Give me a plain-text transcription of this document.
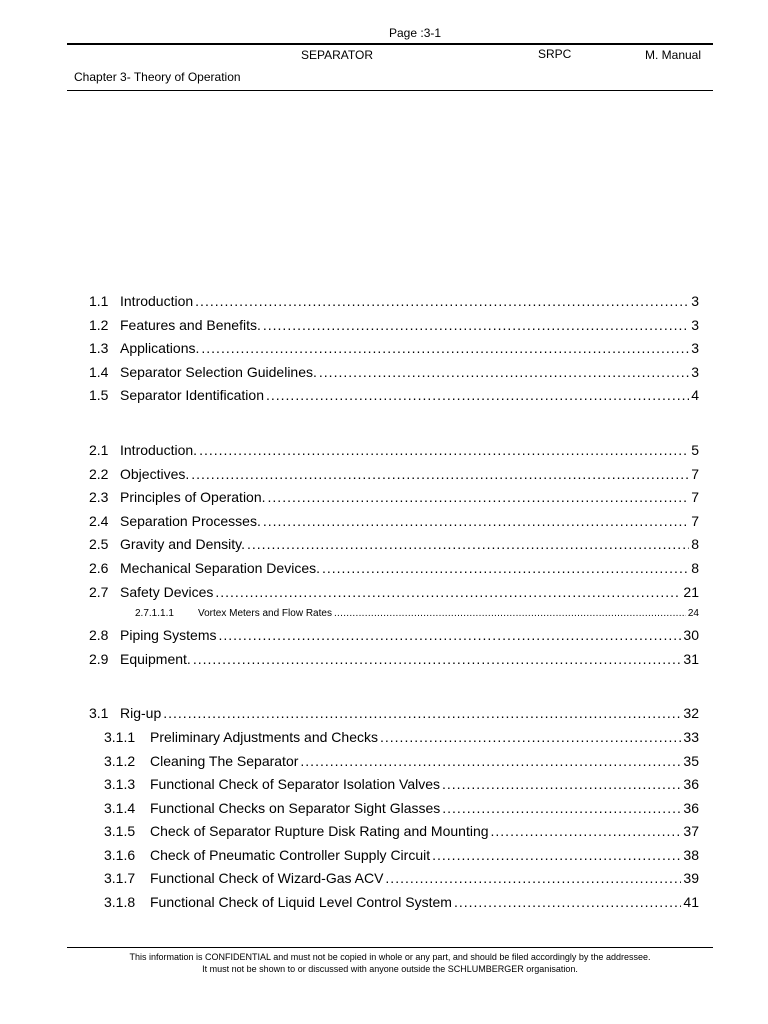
Page :3-1
SEPARATOR	SRPC	M. Manual
Chapter 3- Theory of Operation
1.1 Introduction .....	3
1.2 Features and Benefits. .....	3
1.3 Applications. .....	3
1.4 Separator Selection Guidelines. .....	3
1.5 Separator Identification .....	4
2.1 Introduction. .....	5
2.2 Objectives. .....	7
2.3 Principles of Operation. .....	7
2.4 Separation Processes. .....	7
2.5 Gravity and Density. .....	8
2.6 Mechanical Separation Devices. .....	8
2.7 Safety Devices .....	21
2.7.1.1.1	Vortex Meters and Flow Rates .....	24
2.8 Piping Systems .....	30
2.9 Equipment. .....	31
3.1 Rig-up .....	32
3.1.1	Preliminary Adjustments and Checks .....	33
3.1.2	Cleaning The Separator .....	35
3.1.3	Functional Check of Separator Isolation Valves .....	36
3.1.4	Functional Checks on Separator Sight Glasses .....	36
3.1.5	Check of Separator Rupture Disk Rating and Mounting .....	37
3.1.6	Check of Pneumatic Controller Supply Circuit .....	38
3.1.7	Functional Check of Wizard-Gas ACV .....	39
3.1.8	Functional Check of Liquid Level Control System .....	41
This information is CONFIDENTIAL and must not be copied in whole or any part, and should be filed accordingly by the addressee.
It must not be shown to or discussed with anyone outside the SCHLUMBERGER organisation.
